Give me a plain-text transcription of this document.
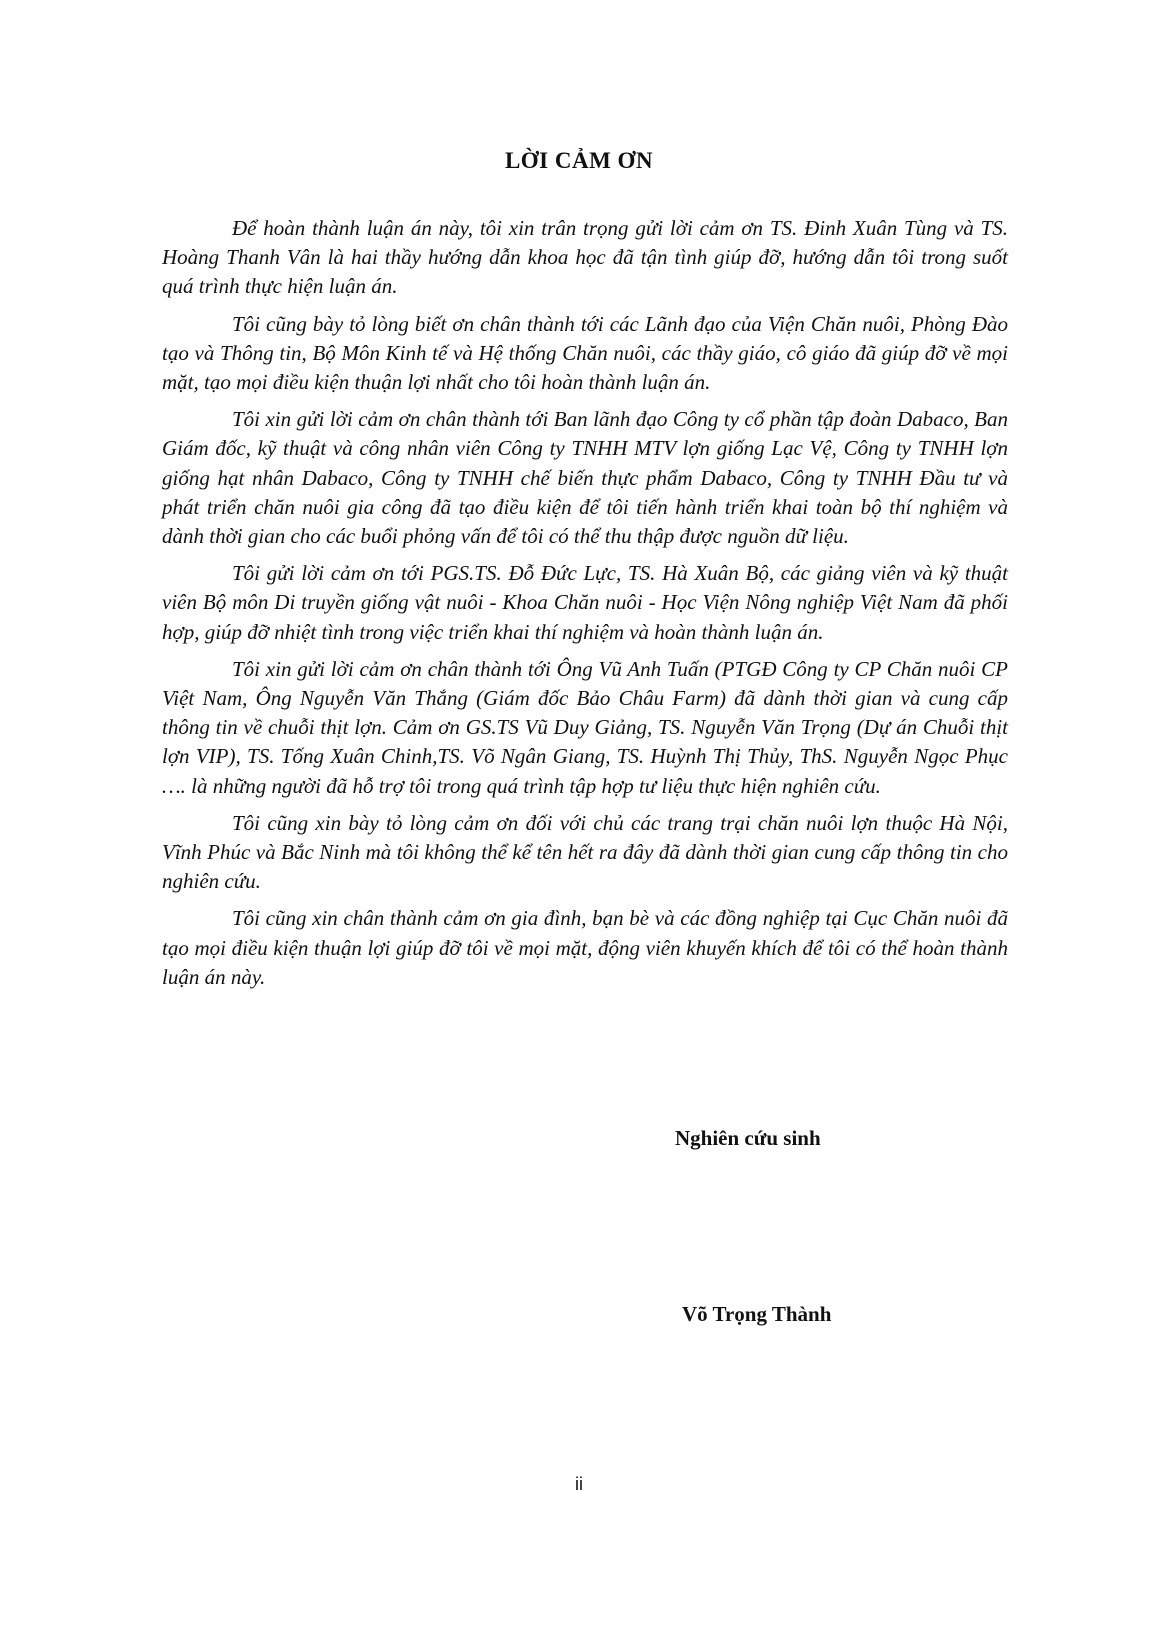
LỜI CẢM ƠN

Để hoàn thành luận án này, tôi xin trân trọng gửi lời cảm ơn TS. Đinh Xuân Tùng và TS. Hoàng Thanh Vân là hai thầy hướng dẫn khoa học đã tận tình giúp đỡ, hướng dẫn tôi trong suốt quá trình thực hiện luận án.

Tôi cũng bày tỏ lòng biết ơn chân thành tới các Lãnh đạo của Viện Chăn nuôi, Phòng Đào tạo và Thông tin, Bộ Môn Kinh tế và Hệ thống Chăn nuôi, các thầy giáo, cô giáo đã giúp đỡ về mọi mặt, tạo mọi điều kiện thuận lợi nhất cho tôi hoàn thành luận án.

Tôi xin gửi lời cảm ơn chân thành tới Ban lãnh đạo Công ty cổ phần tập đoàn Dabaco, Ban Giám đốc, kỹ thuật và công nhân viên Công ty TNHH MTV lợn giống Lạc Vệ, Công ty TNHH lợn giống hạt nhân Dabaco, Công ty TNHH chế biến thực phẩm Dabaco, Công ty TNHH Đầu tư và phát triển chăn nuôi gia công đã tạo điều kiện để tôi tiến hành triển khai toàn bộ thí nghiệm và dành thời gian cho các buổi phỏng vấn để tôi có thể thu thập được nguồn dữ liệu.

Tôi gửi lời cảm ơn tới PGS.TS. Đỗ Đức Lực, TS. Hà Xuân Bộ, các giảng viên và kỹ thuật viên Bộ môn Di truyền giống vật nuôi - Khoa Chăn nuôi - Học Viện Nông nghiệp Việt Nam đã phối hợp, giúp đỡ nhiệt tình trong việc triển khai thí nghiệm và hoàn thành luận án.

Tôi xin gửi lời cảm ơn chân thành tới Ông Vũ Anh Tuấn (PTGĐ Công ty CP Chăn nuôi CP Việt Nam, Ông Nguyễn Văn Thắng (Giám đốc Bảo Châu Farm) đã dành thời gian và cung cấp thông tin về chuỗi thịt lợn. Cảm ơn GS.TS Vũ Duy Giảng, TS. Nguyễn Văn Trọng (Dự án Chuỗi thịt lợn VIP), TS. Tống Xuân Chinh,TS. Võ Ngân Giang, TS. Huỳnh Thị Thủy, ThS. Nguyễn Ngọc Phục …. là những người đã hỗ trợ tôi trong quá trình tập hợp tư liệu thực hiện nghiên cứu.

Tôi cũng xin bày tỏ lòng cảm ơn đối với chủ các trang trại chăn nuôi lợn thuộc Hà Nội, Vĩnh Phúc và Bắc Ninh mà tôi không thể kể tên hết ra đây đã dành thời gian cung cấp thông tin cho nghiên cứu.

Tôi cũng xin chân thành cảm ơn gia đình, bạn bè và các đồng nghiệp tại Cục Chăn nuôi đã tạo mọi điều kiện thuận lợi giúp đỡ tôi về mọi mặt, động viên khuyến khích để tôi có thể hoàn thành luận án này.

Nghiên cứu sinh
Võ Trọng Thành
ii
